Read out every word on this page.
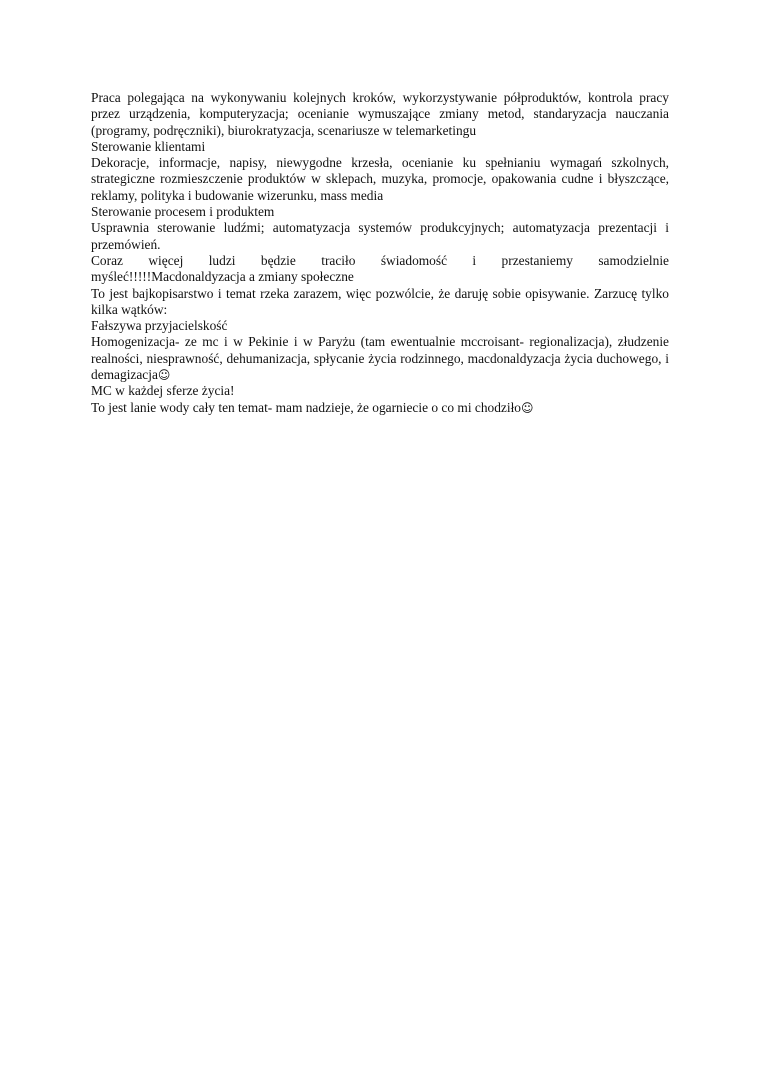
Praca polegająca na wykonywaniu kolejnych kroków, wykorzystywanie półproduktów, kontrola pracy przez urządzenia, komputeryzacja; ocenianie wymuszające zmiany metod, standaryzacja nauczania (programy, podręczniki), biurokratyzacja, scenariusze w telemarketingu

Sterowanie klientami

Dekoracje, informacje, napisy, niewygodne krzesła, ocenianie ku spełnianiu wymagań szkolnych, strategiczne rozmieszczenie produktów w sklepach, muzyka, promocje, opakowania cudne i błyszczące, reklamy, polityka i budowanie wizerunku, mass media

Sterowanie procesem i produktem

Usprawnia sterowanie ludźmi; automatyzacja systemów produkcyjnych; automatyzacja prezentacji i przemówień.

Coraz więcej ludzi będzie traciło świadomość i przestaniemy samodzielnie

myśleć!!!!!Macdonaldyzacja a zmiany społeczne

To jest bajkopisarstwo i temat rzeka zarazem, więc pozwólcie, że daruję sobie opisywanie. Zarzucę tylko kilka wątków:

Fałszywa przyjacielskość

Homogenizacja- ze mc i w Pekinie i w Paryżu (tam ewentualnie mccroisant- regionalizacja), złudzenie realności, niesprawność, dehumanizacja, spłycanie życia rodzinnego, macdonaldyzacja życia duchowego, i demagizacja☺

MC w każdej sferze życia!

To jest lanie wody cały ten temat- mam nadzieje, że ogarniecie o co mi chodziło☺
